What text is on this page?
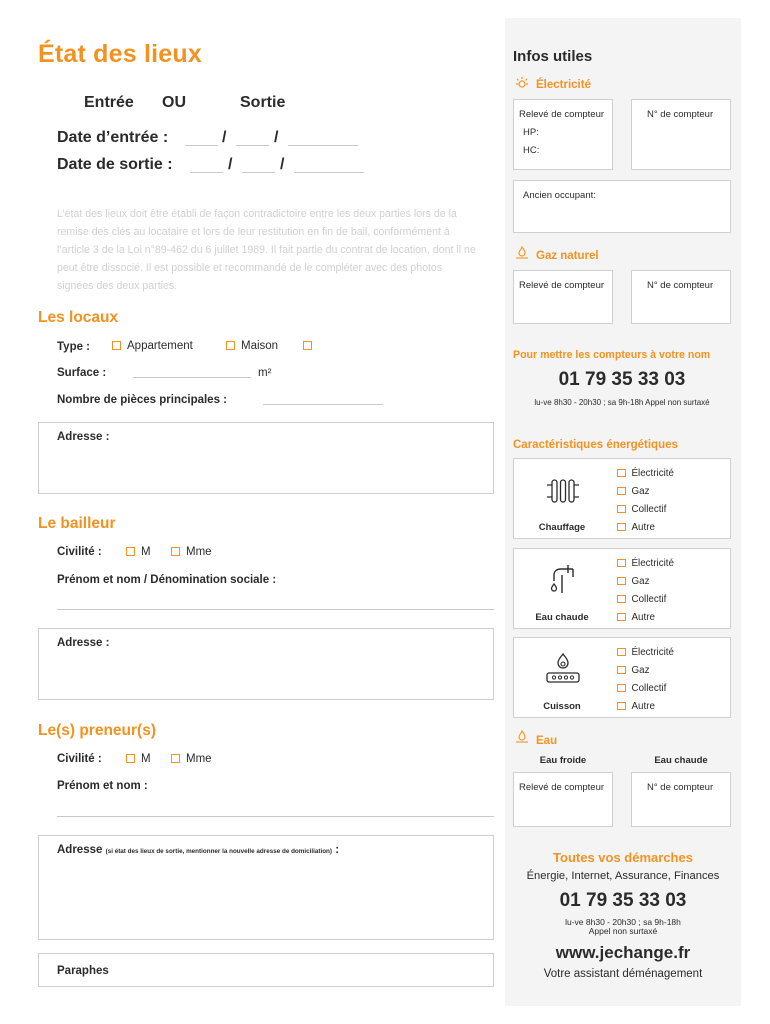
État des lieux
Entrée OU	Sortie
Date d’entrée :	/	/
Date de sortie :	/	/
L’état des lieux doit être établi de façon contradictoire entre les deux parties lors de la remise des clés au locataire et lors de leur restitution en fin de bail, conformément à l’article 3 de la Loi n°89-462 du 6 juillet 1989. Il fait partie du contrat de location, dont il ne peut être dissocié. Il est possible et recommandé de le compléter avec des photos signées des deux parties.
Les locaux
Type :	Appartement	Maison
Surface :	m²
Nombre de pièces principales :
Adresse :
Le bailleur
Civilité :	M	Mme
Prénom et nom / Dénomination sociale :
Adresse :
Le(s) preneur(s)
Civilité :	M	Mme
Prénom et nom :
Adresse (si état des lieux de sortie, mentionner la nouvelle adresse de domiciliation) :
Paraphes
Infos utiles
Électricité
Relevé de compteur
HP:
HC:
N° de compteur
Ancien occupant:
Gaz naturel
Relevé de compteur	N° de compteur
Pour mettre les compteurs à votre nom
01 79 35 33 03
lu-ve 8h30 - 20h30 ; sa 9h-18h Appel non surtaxé
Caractéristiques énergétiques
Chauffage
Électricité
Gaz
Collectif
Autre
Eau chaude
Électricité
Gaz
Collectif
Autre
Cuisson
Électricité
Gaz
Collectif
Autre
Eau
Eau froide	Eau chaude
Relevé de compteur	N° de compteur
Toutes vos démarches
Énergie, Internet, Assurance, Finances
01 79 35 33 03
lu-ve 8h30 - 20h30 ; sa 9h-18h
Appel non surtaxé
www.jechange.fr
Votre assistant déménagement
